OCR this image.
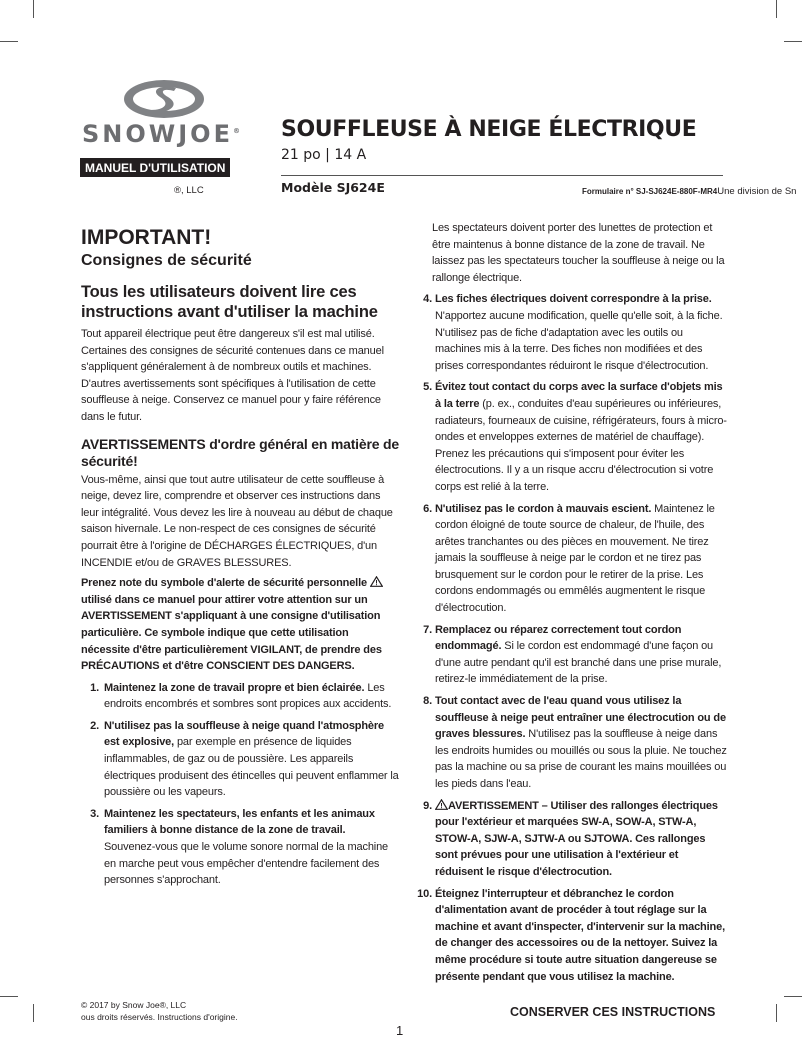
SNOWJOE®
MANUEL D'UTILISATION
SOUFFLEUSE À NEIGE ÉLECTRIQUE
21 po | 14 A
®, LLC	Modèle SJ624E	Formulaire n° SJ-SJ624E-880F-MR4Une division de Sn
IMPORTANT!
Consignes de sécurité
Tous les utilisateurs doivent lire ces instructions avant d'utiliser la machine

Tout appareil électrique peut être dangereux s'il est mal utilisé. Certaines des consignes de sécurité contenues dans ce manuel s'appliquent généralement à de nombreux outils et machines. D'autres avertissements sont spécifiques à l'utilisation de cette souffleuse à neige. Conservez ce manuel pour y faire référence dans le futur.

AVERTISSEMENTS d'ordre général en matière de sécurité!

Vous-même, ainsi que tout autre utilisateur de cette souffleuse à neige, devez lire, comprendre et observer ces instructions dans leur intégralité. Vous devez les lire à nouveau au début de chaque saison hivernale. Le non-respect de ces consignes de sécurité pourrait être à l'origine de DÉCHARGES ÉLECTRIQUES, d'un INCENDIE et/ou de GRAVES BLESSURES.

Prenez note du symbole d'alerte de sécurité personnelle  utilisé dans ce manuel pour attirer votre attention sur un AVERTISSEMENT s'appliquant à une consigne d'utilisation particulière. Ce symbole indique que cette utilisation nécessite d'être particulièrement VIGILANT, de prendre des PRÉCAUTIONS et d'être CONSCIENT DES DANGERS.

1. Maintenez la zone de travail propre et bien éclairée. Les endroits encombrés et sombres sont propices aux accidents.
2. N'utilisez pas la souffleuse à neige quand l'atmosphère est explosive, par exemple en présence de liquides inflammables, de gaz ou de poussière. Les appareils électriques produisent des étincelles qui peuvent enflammer la poussière ou les vapeurs.
3. Maintenez les spectateurs, les enfants et les animaux familiers à bonne distance de la zone de travail. Souvenez-vous que le volume sonore normal de la machine en marche peut vous empêcher d'entendre facilement des personnes s'approchant.

Les spectateurs doivent porter des lunettes de protection et être maintenus à bonne distance de la zone de travail. Ne laissez pas les spectateurs toucher la souffleuse à neige ou la rallonge électrique.

4. Les fiches électriques doivent correspondre à la prise. N'apportez aucune modification, quelle qu'elle soit, à la fiche. N'utilisez pas de fiche d'adaptation avec les outils ou machines mis à la terre. Des fiches non modifiées et des prises correspondantes réduiront le risque d'électrocution.
5. Évitez tout contact du corps avec la surface d'objets mis à la terre (p. ex., conduites d'eau supérieures ou inférieures, radiateurs, fourneaux de cuisine, réfrigérateurs, fours à micro-ondes et enveloppes externes de matériel de chauffage). Prenez les précautions qui s'imposent pour éviter les électrocutions. Il y a un risque accru d'électrocution si votre corps est relié à la terre.
6. N'utilisez pas le cordon à mauvais escient. Maintenez le cordon éloigné de toute source de chaleur, de l'huile, des arêtes tranchantes ou des pièces en mouvement. Ne tirez jamais la souffleuse à neige par le cordon et ne tirez pas brusquement sur le cordon pour le retirer de la prise. Les cordons endommagés ou emmêlés augmentent le risque d'électrocution.
7. Remplacez ou réparez correctement tout cordon endommagé. Si le cordon est endommagé d'une façon ou d'une autre pendant qu'il est branché dans une prise murale, retirez-le immédiatement de la prise.
8. Tout contact avec de l'eau quand vous utilisez la souffleuse à neige peut entraîner une électrocution ou de graves blessures. N'utilisez pas la souffleuse à neige dans les endroits humides ou mouillés ou sous la pluie. Ne touchez pas la machine ou sa prise de courant les mains mouillées ou les pieds dans l'eau.
9. AVERTISSEMENT – Utiliser des rallonges électriques pour l'extérieur et marquées SW-A, SOW-A, STW-A, STOW-A, SJW-A, SJTW-A ou SJTOWA. Ces rallonges sont prévues pour une utilisation à l'extérieur et réduisent le risque d'électrocution.
10. Éteignez l'interrupteur et débranchez le cordon d'alimentation avant de procéder à tout réglage sur la machine et avant d'inspecter, d'intervenir sur la machine, de changer des accessoires ou de la nettoyer. Suivez la même procédure si toute autre situation dangereuse se présente pendant que vous utilisez la machine.
© 2017 by Snow Joe®, LLC
ous droits réservés. Instructions d'origine.	CONSERVER CES INSTRUCTIONS
1
